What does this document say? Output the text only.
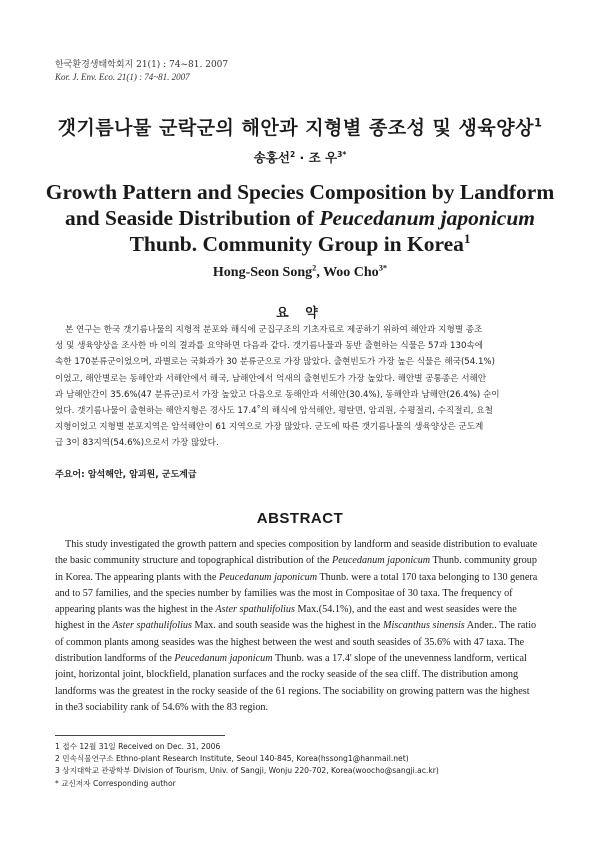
한국환경생태학회지 21(1) : 74~81. 2007
Kor. J. Env. Eco. 21(1) : 74~81. 2007
갯기름나물 군락군의 해안과 지형별 종조성 및 생육양상$^1$
송홍선$^2$ · 조 우$^{3*}$
Growth Pattern and Species Composition by Landform and Seaside Distribution of Peucedanum japonicum Thunb. Community Group in Korea$^1$
Hong-Seon Song$^2$, Woo Cho$^{3*}$
요 약
본 연구는 한국 갯기름나물의 지형적 분포와 해식에 군집구조의 기초자료로 제공하기 위하여 해안과 지형별 종조
성 및 생육양상을 조사한 바 이의 결과를 요약하면 다음과 같다. 갯기름나물과 동반 출현하는 식물은 57과 130속에
속한 170분류군이었으며, 과별로는 국화과가 30 분류군으로 가장 많았다. 출현빈도가 가장 높은 식물은 해국(54.1%)
이었고, 해안별로는 동해안과 서해안에서 해국, 남해안에서 억새의 출현빈도가 가장 높았다. 해안별 공통종은 서해안
과 남해안간이 35.6%(47 분류군)로서 가장 높았고 다음으로 동해안과 서해안(30.4%), 동해안과 남해안(26.4%) 순이
었다. 갯기름나물이 출현하는 해안지형은 경사도 17.4˚의 해식에 암석해안, 평탄면, 암괴원, 수평절리, 수직절리, 요철
지형이었고 지형별 분포지역은 암석해안이 61 지역으로 가장 많았다. 군도에 따른 갯기름나물의 생육양상은 군도계
급 3이 83지역(54.6%)으로서 가장 많았다.
주요어: 암석해안, 암괴원, 군도계급
ABSTRACT
This study investigated the growth pattern and species composition by landform and seaside distribution to evaluate
the basic community structure and topographical distribution of the Peucedanum japonicum Thunb. community group
in Korea. The appearing plants with the Peucedanum japonicum Thunb. were a total 170 taxa belonging to 130 genera
and to 57 families, and the species number by families was the most in Compositae of 30 taxa. The frequency of
appearing plants was the highest in the Aster spathulifolius Max.(54.1%), and the east and west seasides were the
highest in the Aster spathulifolius Max. and south seaside was the highest in the Miscanthus sinensis Ander.. The ratio
of common plants among seasides was the highest between the west and south seasides of 35.6% with 47 taxa. The
distribution landforms of the Peucedanum japonicum Thunb. was a 17.4' slope of the unevenness landform, vertical
joint, horizontal joint, blockfield, planation surfaces and the rocky seaside of the sea cliff. The distribution among
landforms was the greatest in the rocky seaside of the 61 regions. The sociability on growing pattern was the highest
in the3 sociability rank of 54.6% with the 83 region.
1 접수 12월 31일 Received on Dec. 31, 2006
2 민속식물연구소 Ethno-plant Research Institute, Seoul 140-845, Korea(hssong1@hanmail.net)
3 상지대학교 관광학부 Division of Tourism, Univ. of Sangji, Wonju 220-702, Korea(woocho@sangji.ac.kr)
* 교신저자 Corresponding author
